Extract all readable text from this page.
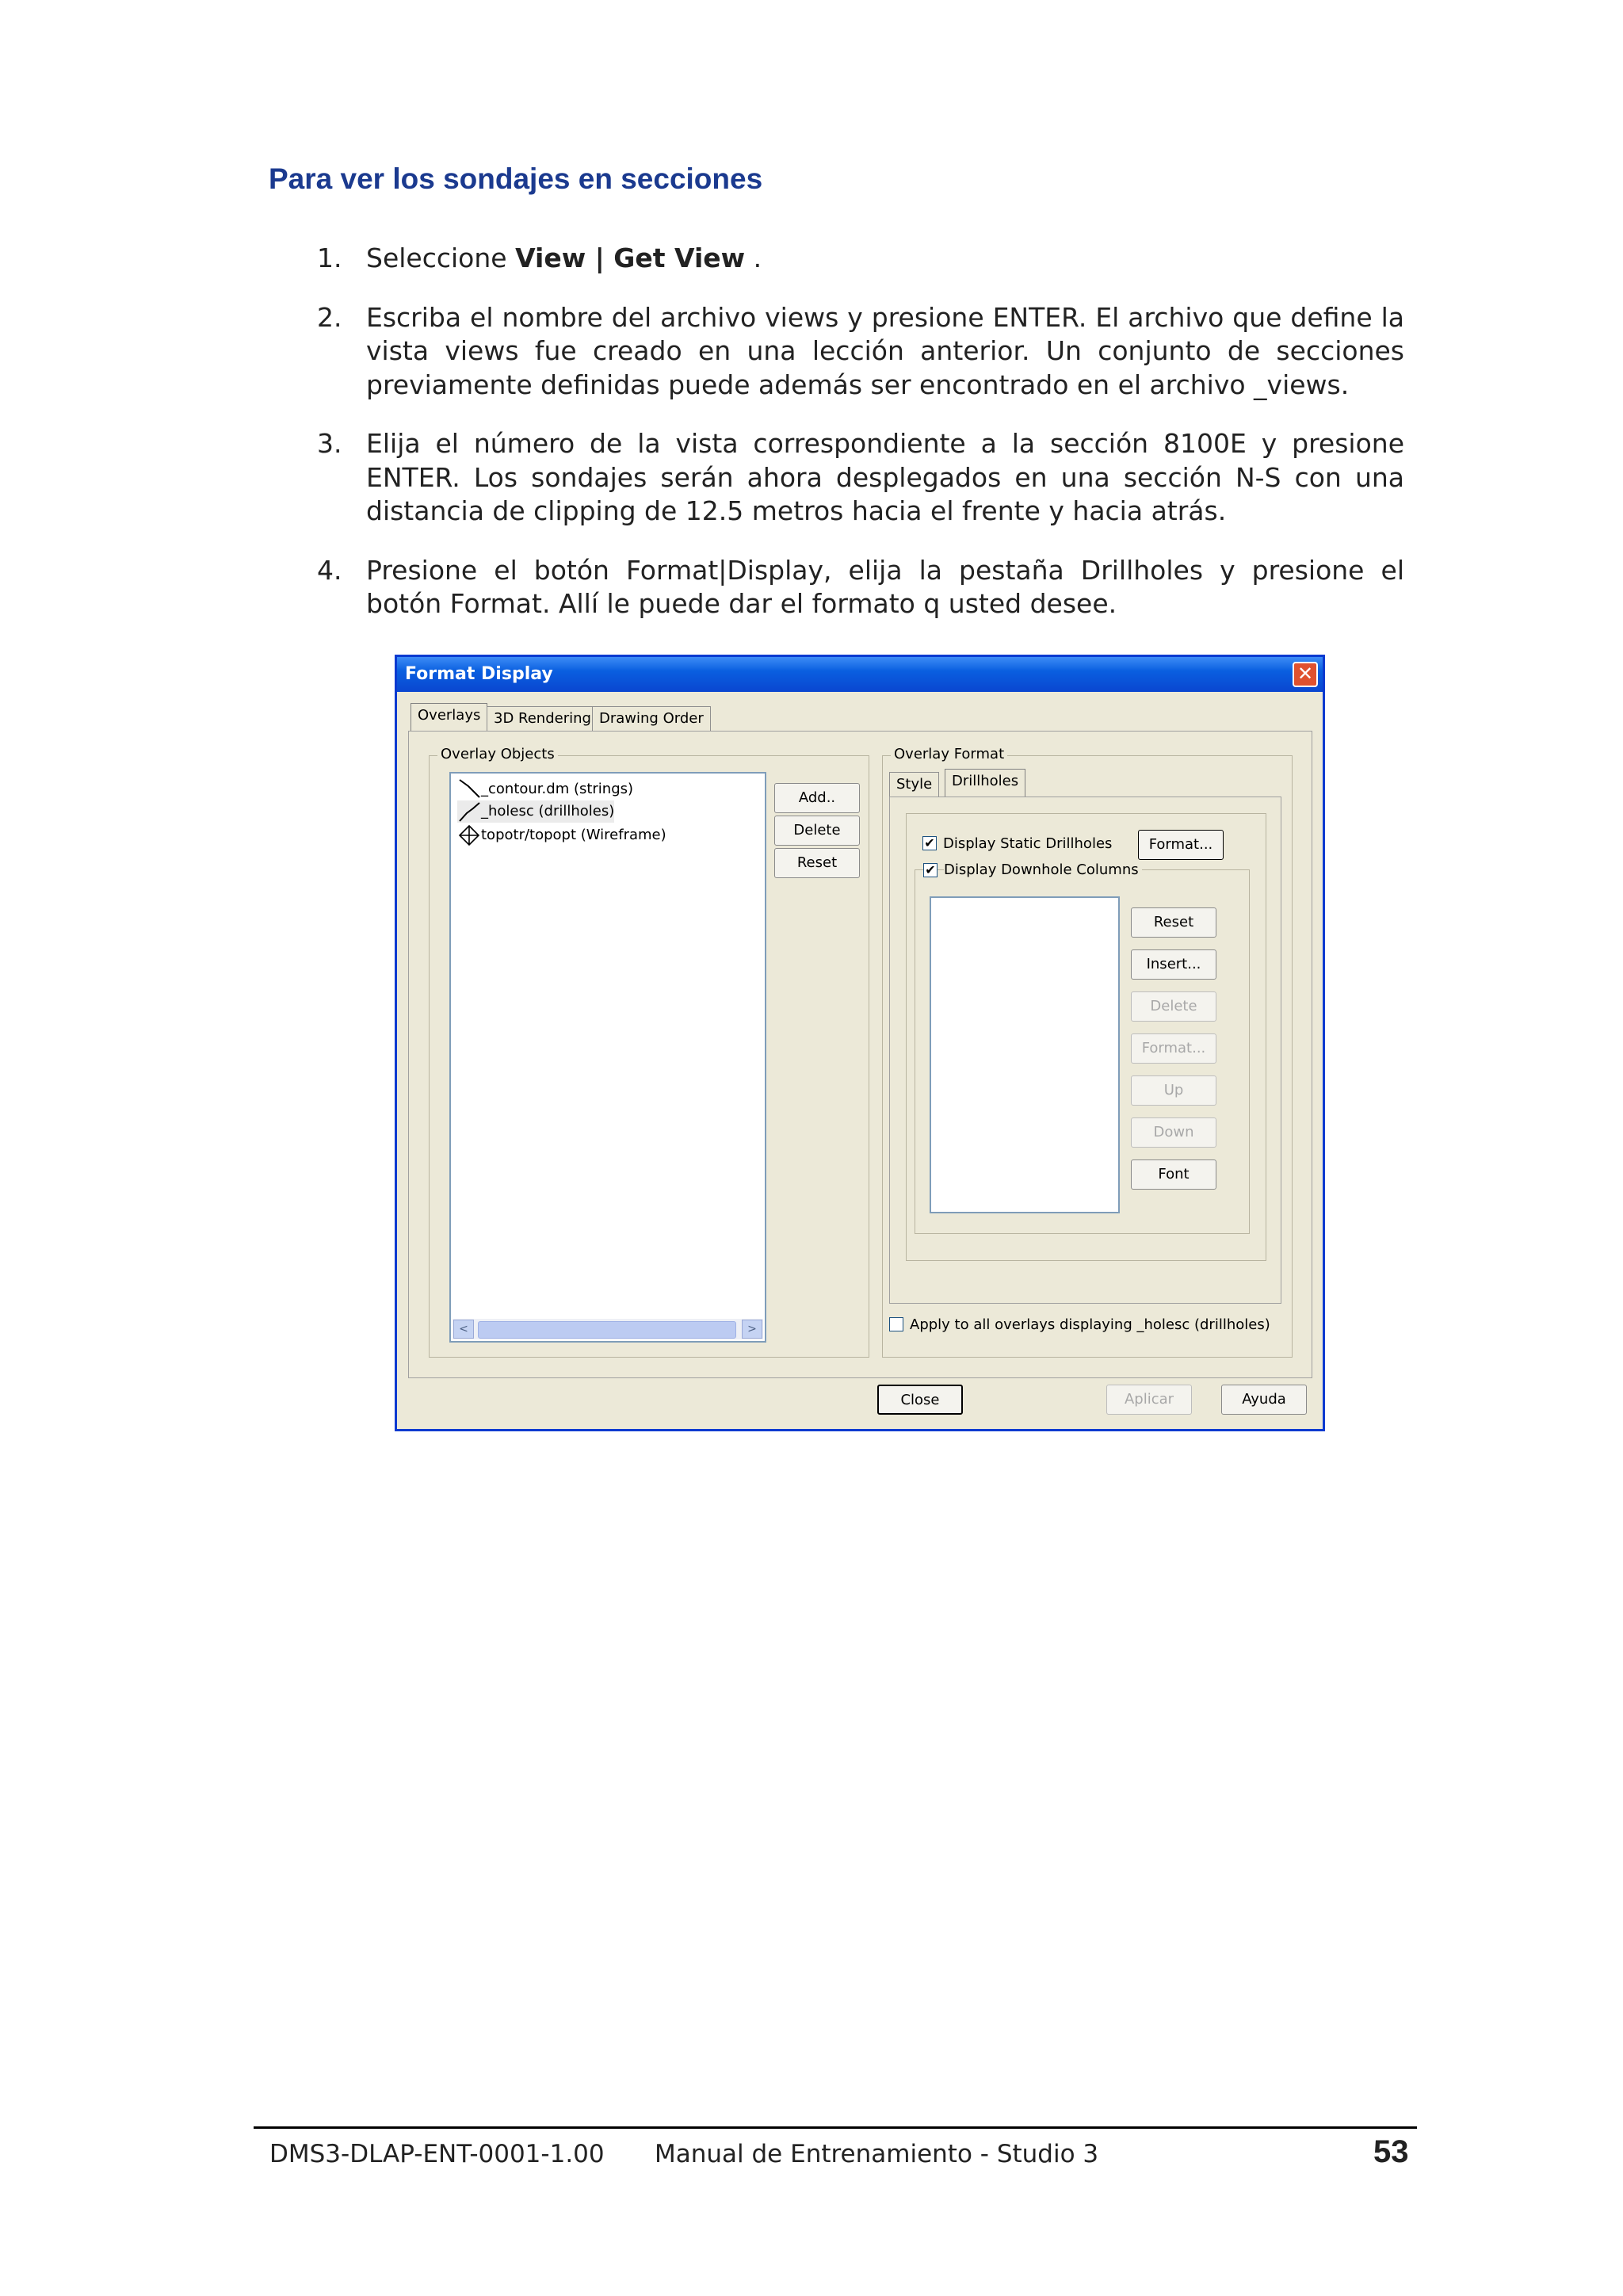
Para ver los sondajes en secciones
1. Seleccione View | Get View .
2. Escriba el nombre del archivo views y presione ENTER. El archivo que define la vista views fue creado en una lección anterior. Un conjunto de secciones previamente definidas puede además ser encontrado en el archivo _views.
3. Elija el número de la vista correspondiente a la sección 8100E y presione ENTER. Los sondajes serán ahora desplegados en una sección N-S con una distancia de clipping de 12.5 metros hacia el frente y hacia atrás.
4. Presione el botón Format|Display, elija la pestaña Drillholes y presione el botón Format. Allí le puede dar el formato q usted desee.
Format Display	✕
Overlays 3D Rendering Drawing Order
Overlay Objects
_contour.dm (strings)
_holesc (drillholes)
topotr/topopt (Wireframe)
<	>
Add..
Delete
Reset
Overlay Format
Style	Drillholes
✔ Display Static Drillholes	Format...
✔ Display Downhole Columns
Reset
Insert...
Delete
Format...
Up
Down
Font
Apply to all overlays displaying _holesc (drillholes)
Close	Aplicar	Ayuda
DMS3-DLAP-ENT-0001-1.00 Manual de Entrenamiento - Studio 3	53
